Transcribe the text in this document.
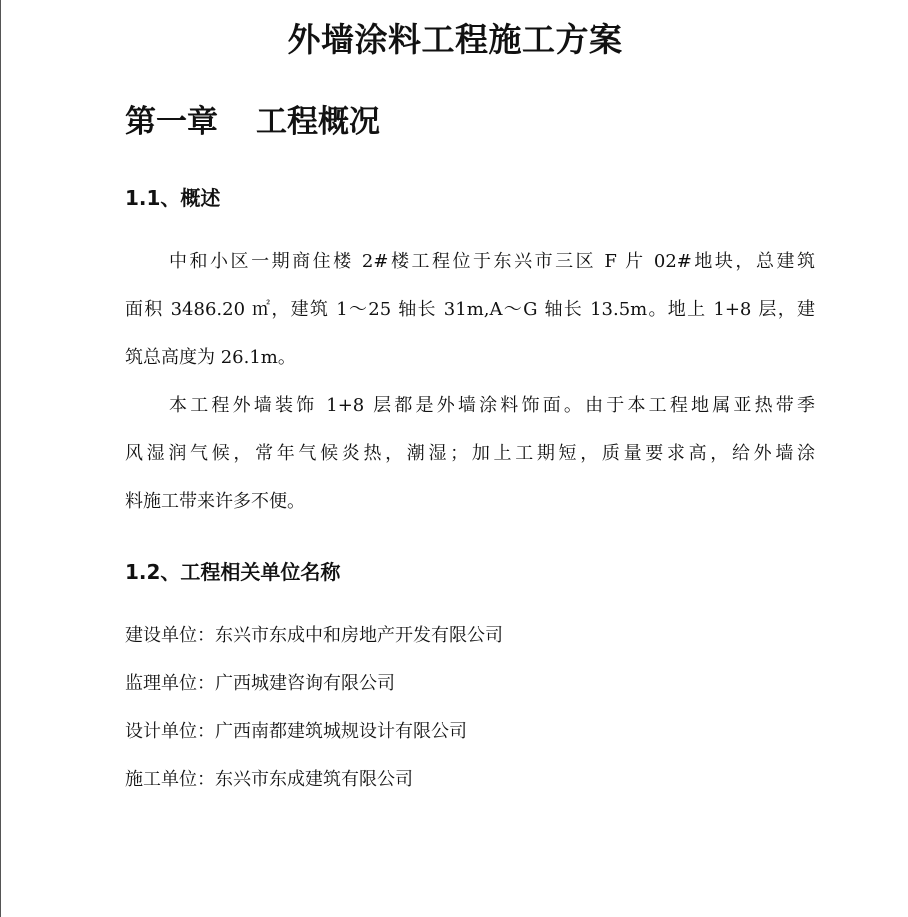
外墙涂料工程施工方案
第一章 工程概况
1.1、概述
中和小区一期商住楼 2#楼工程位于东兴市三区 F 片 02#地块，总建筑
面积 3486.20 ㎡，建筑 1～25 轴长 31m,A～G 轴长 13.5m。地上 1+8 层，建
筑总高度为 26.1m。
本工程外墙装饰 1+8 层都是外墙涂料饰面。由于本工程地属亚热带季
风湿润气候，常年气候炎热，潮湿；加上工期短，质量要求高，给外墙涂
料施工带来许多不便。
1.2、工程相关单位名称
建设单位：东兴市东成中和房地产开发有限公司
监理单位：广西城建咨询有限公司
设计单位：广西南都建筑城规设计有限公司
施工单位：东兴市东成建筑有限公司
